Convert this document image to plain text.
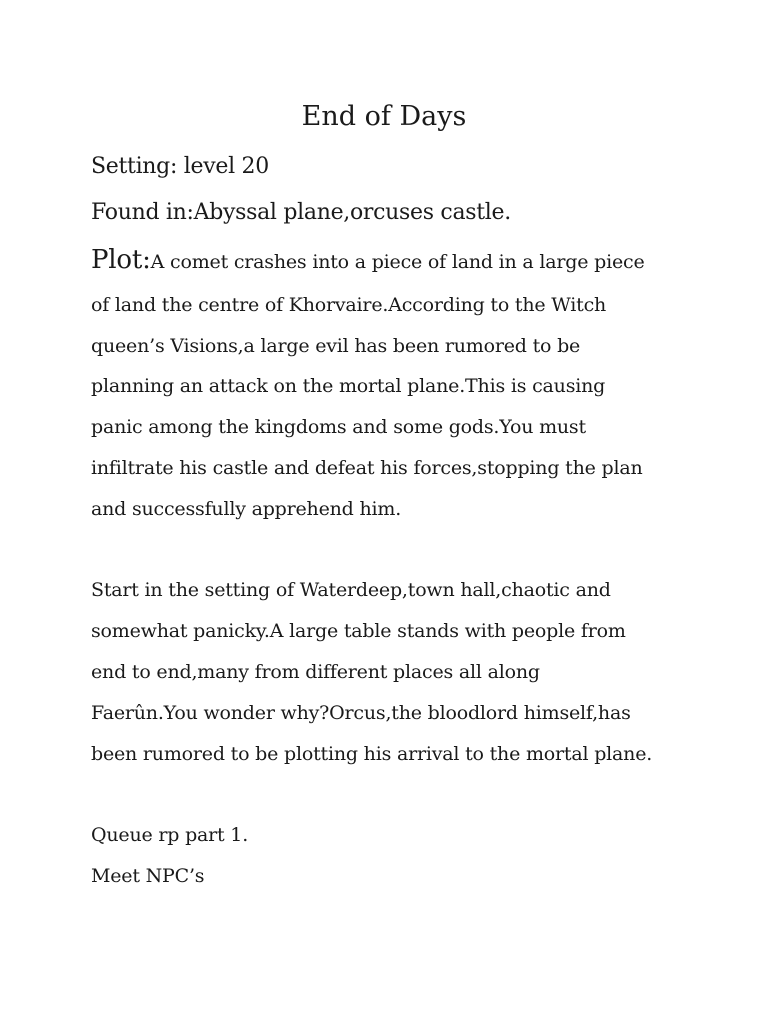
End of Days
Setting: level 20
Found in:Abyssal plane,orcuses castle.
Plot:A comet crashes into a piece of land in a large piece
of land the centre of Khorvaire.According to the Witch
queen’s Visions,a large evil has been rumored to be
planning an attack on the mortal plane.This is causing
panic among the kingdoms and some gods.You must
infiltrate his castle and defeat his forces,stopping the plan
and successfully apprehend him.
Start in the setting of Waterdeep,town hall,chaotic and
somewhat panicky.A large table stands with people from
end to end,many from different places all along
Faerûn.You wonder why?Orcus,the bloodlord himself,has
been rumored to be plotting his arrival to the mortal plane.
Queue rp part 1.
Meet NPC’s
